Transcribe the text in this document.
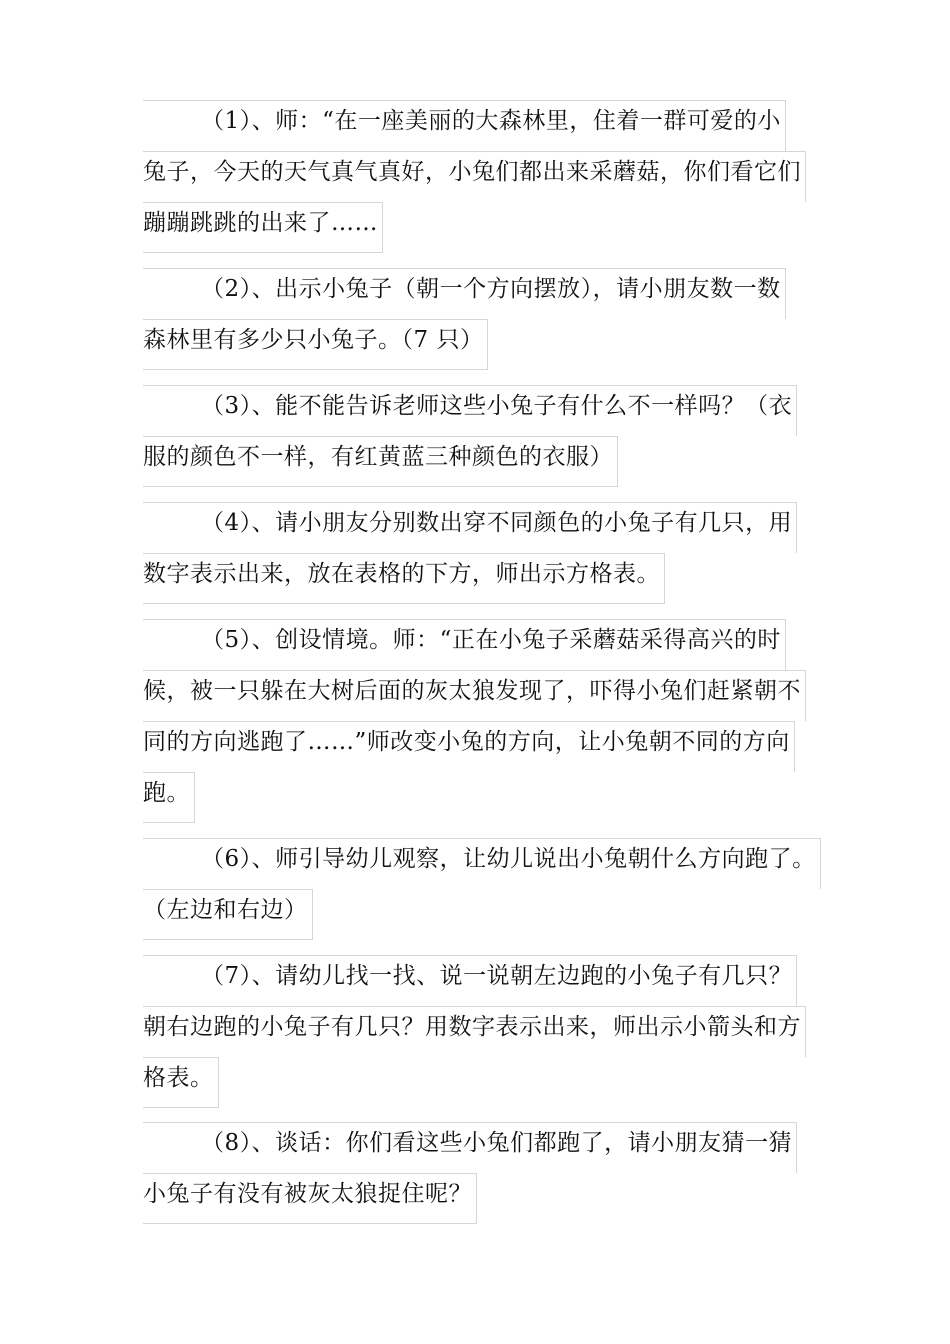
（1）、师：“在一座美丽的大森林里，住着一群可爱的小
兔子，今天的天气真气真好，小兔们都出来采蘑菇，你们看它们
蹦蹦跳跳的出来了……
（2）、出示小兔子（朝一个方向摆放），请小朋友数一数
森林里有多少只小兔子。（7 只）
（3）、能不能告诉老师这些小兔子有什么不一样吗？（衣
服的颜色不一样，有红黄蓝三种颜色的衣服）
（4）、请小朋友分别数出穿不同颜色的小兔子有几只，用
数字表示出来，放在表格的下方，师出示方格表。
（5）、创设情境。师：“正在小兔子采蘑菇采得高兴的时
候，被一只躲在大树后面的灰太狼发现了，吓得小兔们赶紧朝不
同的方向逃跑了……”师改变小兔的方向，让小兔朝不同的方向
跑。
（6）、师引导幼儿观察，让幼儿说出小兔朝什么方向跑了。
（左边和右边）
（7）、请幼儿找一找、说一说朝左边跑的小兔子有几只？
朝右边跑的小兔子有几只？用数字表示出来，师出示小箭头和方
格表。
（8）、谈话：你们看这些小兔们都跑了，请小朋友猜一猜
小兔子有没有被灰太狼捉住呢？
